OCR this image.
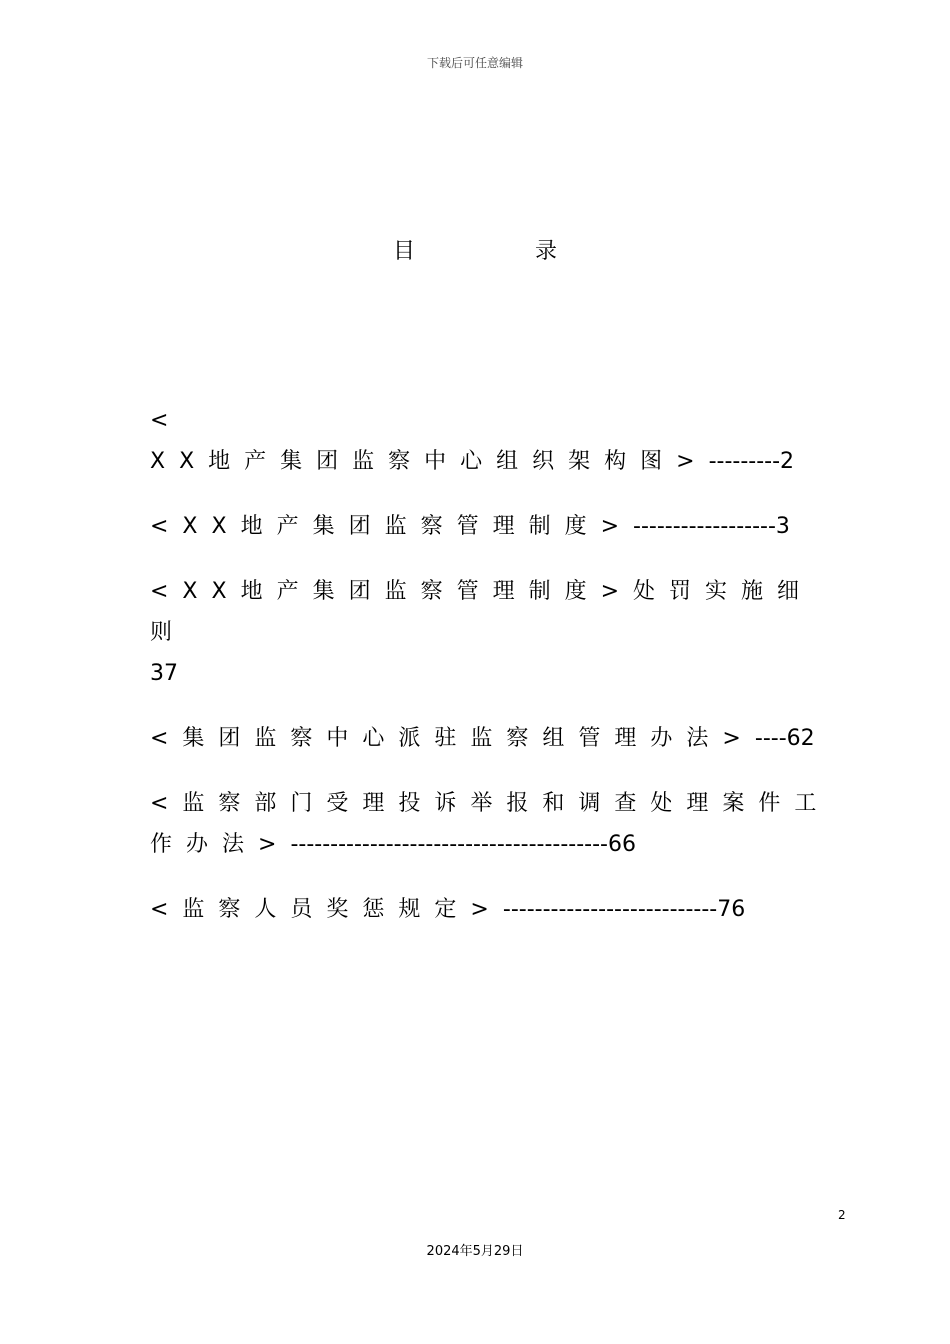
下载后可任意编辑
目	录
<
XX地产集团监察中心组织架构图>---------2
<XX地产集团监察管理制度>------------------3
<XX地产集团监察管理制度>处罚实施细则
37
<集团监察中心派驻监察组管理办法>----62
<监察部门受理投诉举报和调查处理案件工作办法>----------------------------------------66
<监察人员奖惩规定>---------------------------76
2
2024年5月29日
